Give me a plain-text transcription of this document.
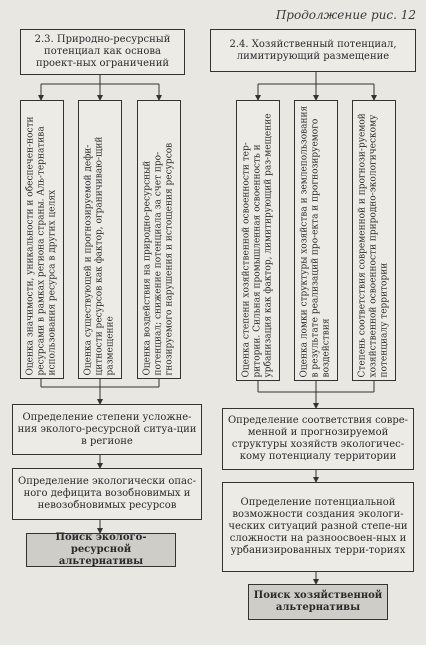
Продолжение рис. 12
2.3. Природно-ресурсный потенциал как основа проект-ных ограничений
Оценка значимости, уникальности и обеспечен-ности ресурсами в рамках региона страны. Аль-тернатива использования ресурса в других целях	Оценка существующей и прогнозируемой дефи-цитности ресурсов как фактор, ограничиваю-щий размещение	Оценка воздействия на природно-ресурсный потенциал; снижение потенциала за счет про-гнозируемого нарушения и истощения ресурсов
Определение степени усложне-ния эколого-ресурсной ситуа-ции в регионе
Определение экологически опас-ного дефицита возобновимых и невозобновимых ресурсов
Поиск эколого-ресурсной альтернативы
2.4. Хозяйственный потенциал, лимитирующий размещение
Оценка степени хозяйственной освоенности тер-ритории. Сильная промышленная освоенность и урбанизация как фактор, лимитирующий раз-мещение	Оценка ломки структуры хозяйства и землепользования в результате реализаций про-екта и прогнозируемого воздействия	Степень соответствия современной и прогнози-руемой хозяйственной освоенности природно-экологическому потенциалу территории
Определение соответствия совре-менной и прогнозируемой структуры хозяйств экологичес-кому потенциалу территории
Определение потенциальной возможности создания экологи-ческих ситуаций разной степе-ни сложности на разноосвоен-ных и урбанизированных терри-ториях
Поиск хозяйственной альтернативы
